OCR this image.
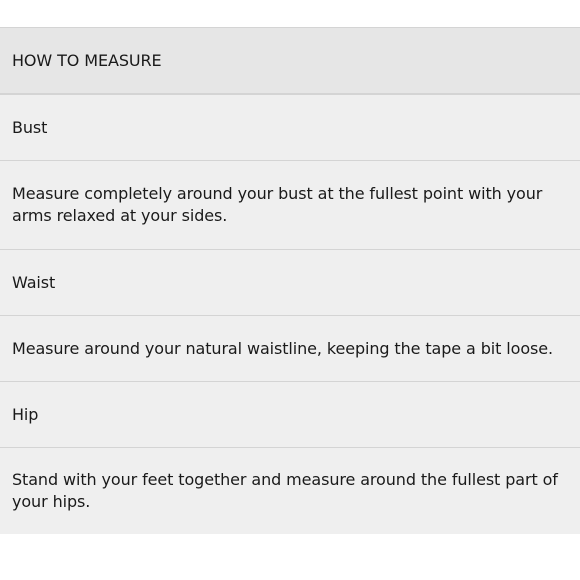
HOW TO MEASURE
Bust
Measure completely around your bust at the fullest point with your arms relaxed at your sides.
Waist
Measure around your natural waistline, keeping the tape a bit loose.
Hip
Stand with your feet together and measure around the fullest part of your hips.
